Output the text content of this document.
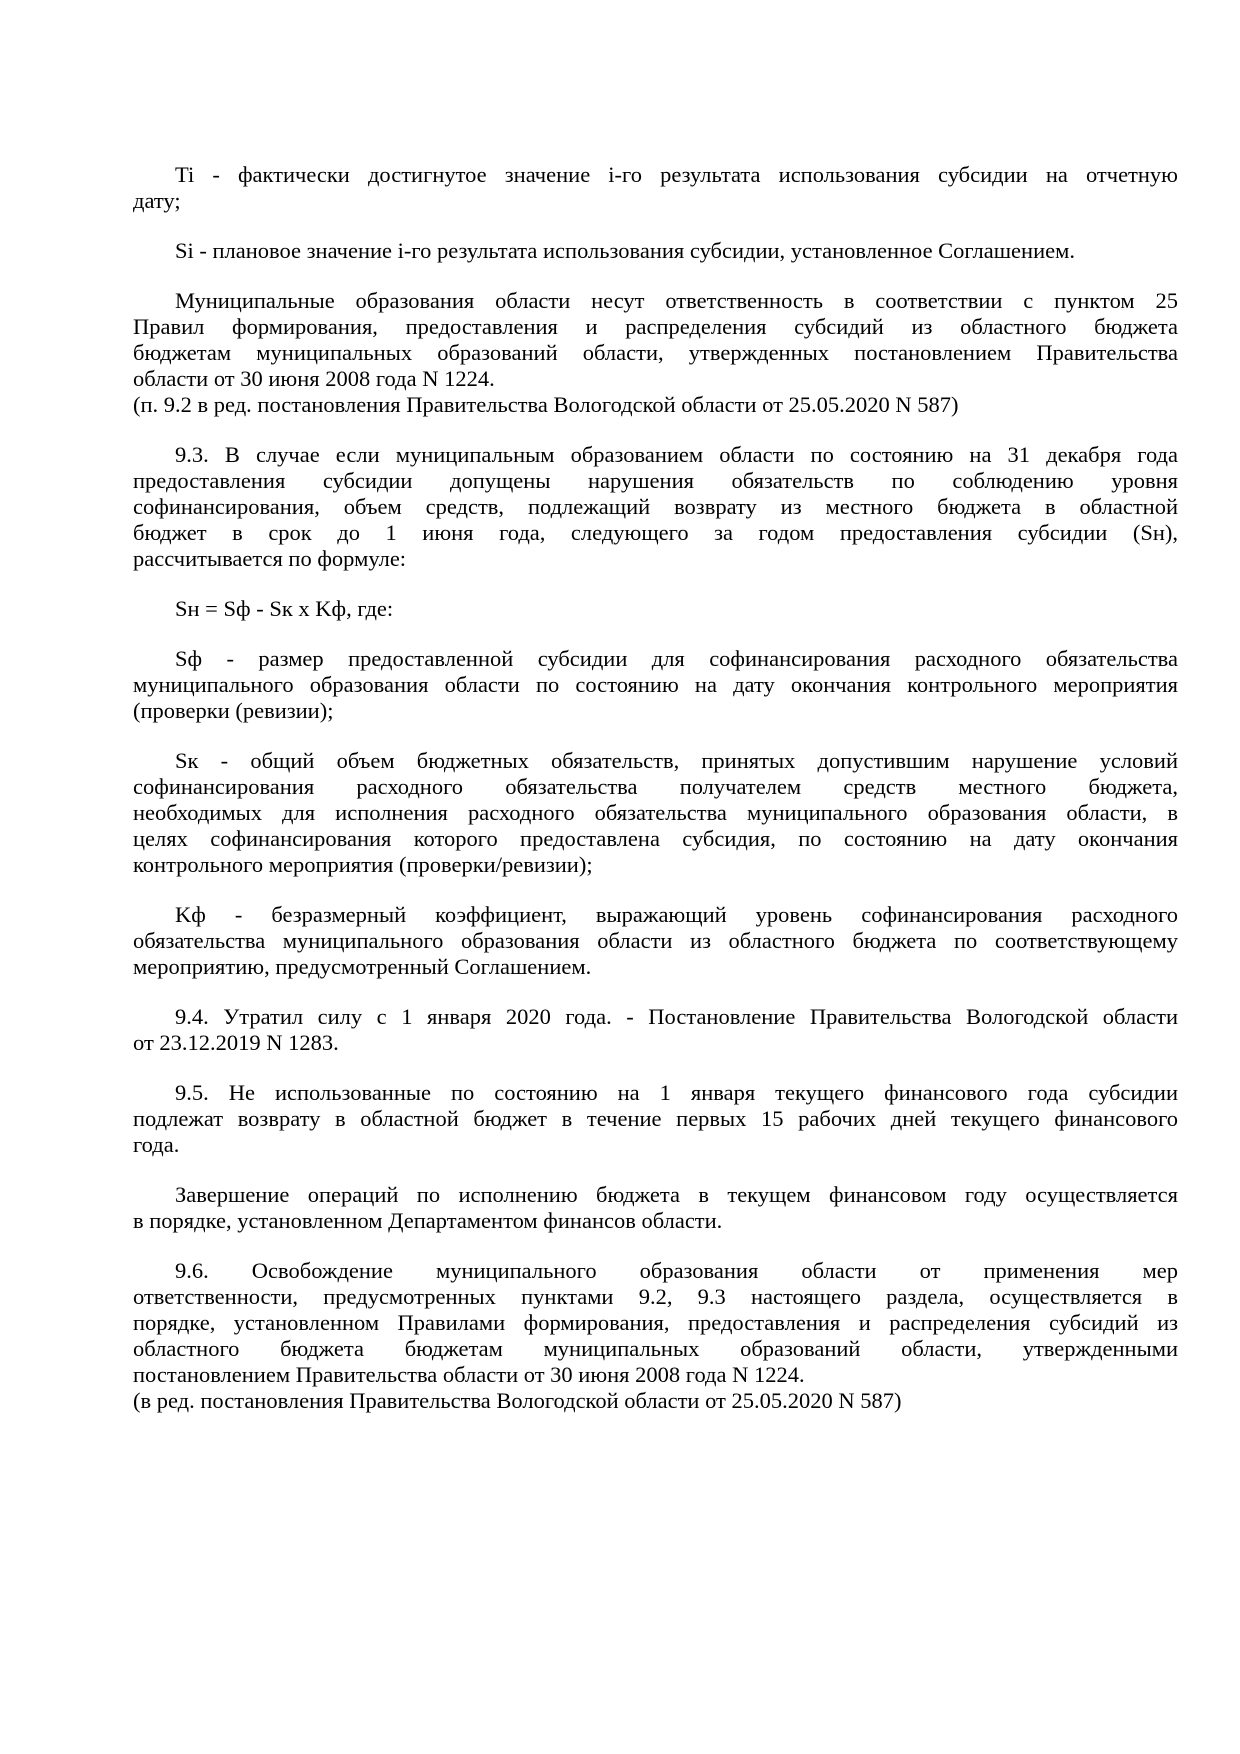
Ti - фактически достигнутое значение i-го результата использования субсидии на отчетную
дату;
Si - плановое значение i-го результата использования субсидии, установленное Соглашением.
Муниципальные образования области несут ответственность в соответствии с пунктом 25
Правил формирования, предоставления и распределения субсидий из областного бюджета
бюджетам муниципальных образований области, утвержденных постановлением Правительства
области от 30 июня 2008 года N 1224.
(п. 9.2 в ред. постановления Правительства Вологодской области от 25.05.2020 N 587)
9.3. В случае если муниципальным образованием области по состоянию на 31 декабря года
предоставления субсидии допущены нарушения обязательств по соблюдению уровня
софинансирования, объем средств, подлежащий возврату из местного бюджета в областной
бюджет в срок до 1 июня года, следующего за годом предоставления субсидии (Sн),
рассчитывается по формуле:
Sн = Sф - Sк x Kф, где:
Sф - размер предоставленной субсидии для софинансирования расходного обязательства
муниципального образования области по состоянию на дату окончания контрольного мероприятия
(проверки (ревизии);
Sк - общий объем бюджетных обязательств, принятых допустившим нарушение условий
софинансирования расходного обязательства получателем средств местного бюджета,
необходимых для исполнения расходного обязательства муниципального образования области, в
целях софинансирования которого предоставлена субсидия, по состоянию на дату окончания
контрольного мероприятия (проверки/ревизии);
Kф - безразмерный коэффициент, выражающий уровень софинансирования расходного
обязательства муниципального образования области из областного бюджета по соответствующему
мероприятию, предусмотренный Соглашением.
9.4. Утратил силу с 1 января 2020 года. - Постановление Правительства Вологодской области
от 23.12.2019 N 1283.
9.5. Не использованные по состоянию на 1 января текущего финансового года субсидии
подлежат возврату в областной бюджет в течение первых 15 рабочих дней текущего финансового
года.
Завершение операций по исполнению бюджета в текущем финансовом году осуществляется
в порядке, установленном Департаментом финансов области.
9.6. Освобождение муниципального образования области от применения мер
ответственности, предусмотренных пунктами 9.2, 9.3 настоящего раздела, осуществляется в
порядке, установленном Правилами формирования, предоставления и распределения субсидий из
областного бюджета бюджетам муниципальных образований области, утвержденными
постановлением Правительства области от 30 июня 2008 года N 1224.
(в ред. постановления Правительства Вологодской области от 25.05.2020 N 587)
